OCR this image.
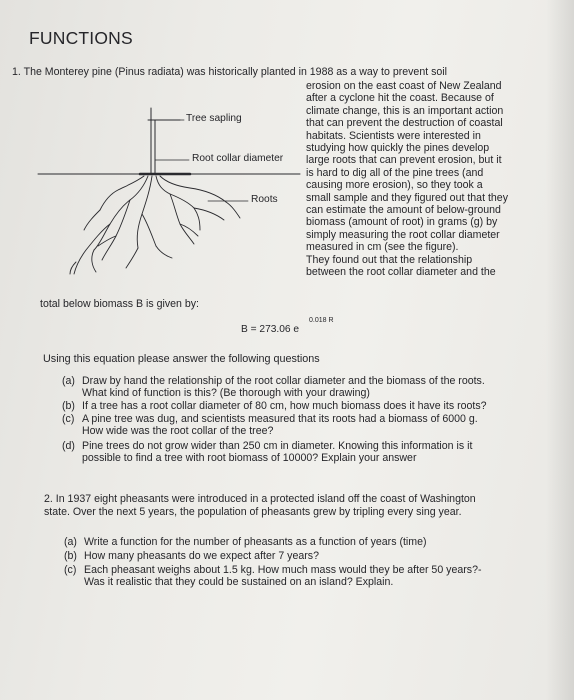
FUNCTIONS
1. The Monterey pine (Pinus radiata) was historically planted in 1988 as a way to prevent soil
erosion on the east coast of New Zealand
after a cyclone hit the coast. Because of
climate change, this is an important action
that can prevent the destruction of coastal
habitats. Scientists were interested in
studying how quickly the pines develop
large roots that can prevent erosion, but it
is hard to dig all of the pine trees (and
causing more erosion), so they took a
small sample and they figured out that they
can estimate the amount of below-ground
biomass (amount of root) in grams (g) by
simply measuring the root collar diameter
measured in cm (see the figure).
They found out that the relationship
between the root collar diameter and the
Tree sapling
Root collar diameter
Roots
total below biomass B is given by:
B = 273.06 e
0.018 R
Using this equation please answer the following questions
(a) Draw by hand the relationship of the root collar diameter and the biomass of the roots.
What kind of function is this? (Be thorough with your drawing)
(b) If a tree has a root collar diameter of 80 cm, how much biomass does it have its roots?
(c) A pine tree was dug, and scientists measured that its roots had a biomass of 6000 g.
How wide was the root collar of the tree?
(d) Pine trees do not grow wider than 250 cm in diameter. Knowing this information is it
possible to find a tree with root biomass of 10000? Explain your answer
2. In 1937 eight pheasants were introduced in a protected island off the coast of Washington
state. Over the next 5 years, the population of pheasants grew by tripling every sing year.
(a) Write a function for the number of pheasants as a function of years (time)
(b) How many pheasants do we expect after 7 years?
(c) Each pheasant weighs about 1.5 kg. How much mass would they be after 50 years?-
Was it realistic that they could be sustained on an island? Explain.
